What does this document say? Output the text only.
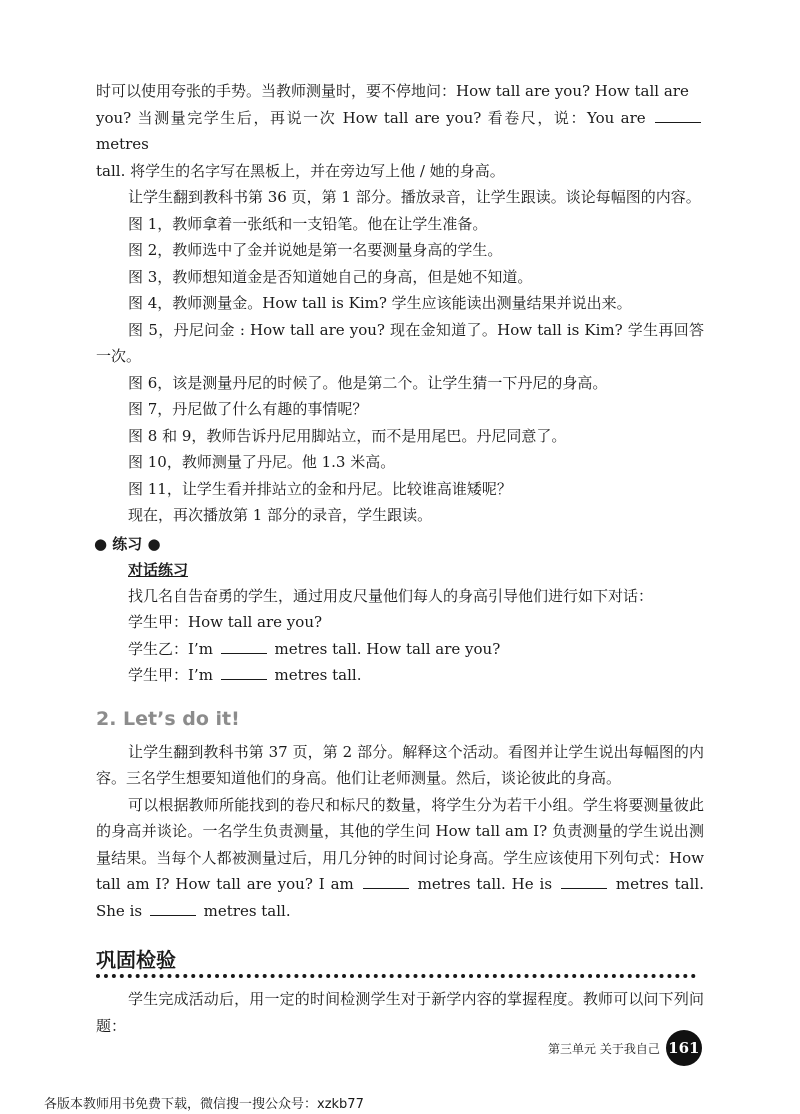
时可以使用夸张的手势。当教师测量时，要不停地问：How tall are you? How tall are
you? 当测量完学生后，再说一次 How tall are you? 看卷尺，说：You are  metres
tall. 将学生的名字写在黑板上，并在旁边写上他 / 她的身高。

让学生翻到教科书第 36 页，第 1 部分。播放录音，让学生跟读。谈论每幅图的内容。

图 1，教师拿着一张纸和一支铅笔。他在让学生准备。

图 2，教师选中了金并说她是第一名要测量身高的学生。

图 3，教师想知道金是否知道她自己的身高，但是她不知道。

图 4，教师测量金。How tall is Kim? 学生应该能读出测量结果并说出来。

图 5，丹尼问金 : How tall are you? 现在金知道了。How tall is Kim? 学生再回答一次。

图 6，该是测量丹尼的时候了。他是第二个。让学生猜一下丹尼的身高。

图 7，丹尼做了什么有趣的事情呢？

图 8 和 9，教师告诉丹尼用脚站立，而不是用尾巴。丹尼同意了。

图 10，教师测量了丹尼。他 1.3 米高。

图 11，让学生看并排站立的金和丹尼。比较谁高谁矮呢？

现在，再次播放第 1 部分的录音，学生跟读。

● 练习 ●

对话练习

找几名自告奋勇的学生，通过用皮尺量他们每人的身高引导他们进行如下对话：

学生甲：How tall are you?

学生乙：I’m	metres tall. How tall are you?

学生甲：I’m	metres tall.

2. Let’s do it!

让学生翻到教科书第 37 页，第 2 部分。解释这个活动。看图并让学生说出每幅图的内容。三名学生想要知道他们的身高。他们让老师测量。然后，谈论彼此的身高。

可以根据教师所能找到的卷尺和标尺的数量，将学生分为若干小组。学生将要测量彼此的身高并谈论。一名学生负责测量，其他的学生问 How tall am I? 负责测量的学生说出测量结果。当每个人都被测量过后，用几分钟的时间讨论身高。学生应该使用下列句式：How tall am I? How tall are you? I am	metres tall. He is	metres tall. She is	metres tall.

巩固检验

学生完成活动后，用一定的时间检测学生对于新学内容的掌握程度。教师可以问下列问题：

第三单元 关于我自己 161
各版本教师用书免费下载，微信搜一搜公众号：xzkb77
